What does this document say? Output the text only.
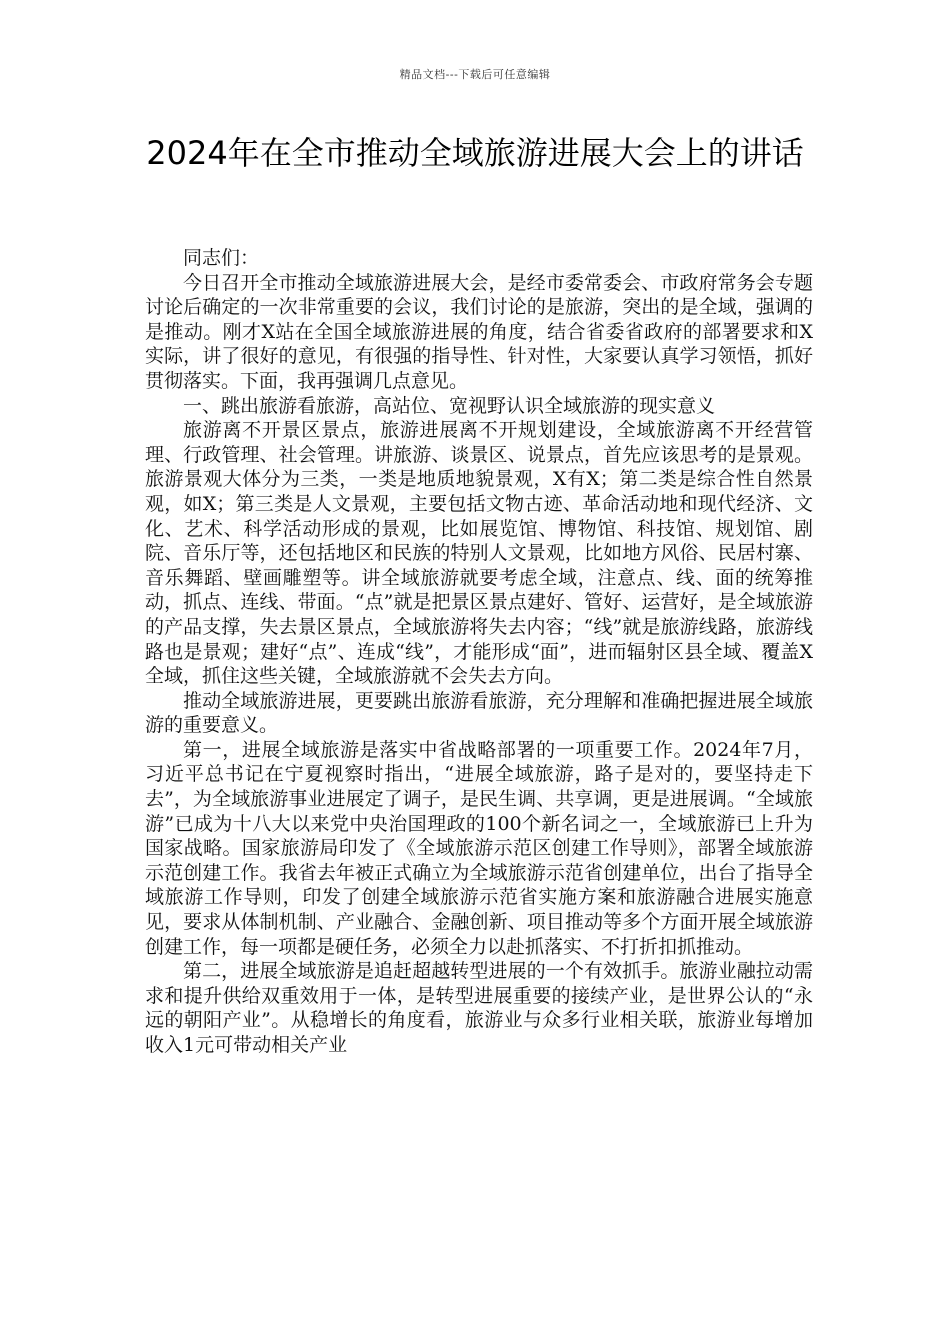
精品文档---下载后可任意编辑
2024年在全市推动全域旅游进展大会上的讲话

同志们：

今日召开全市推动全域旅游进展大会，是经市委常委会、市政府常务会专题讨论后确定的一次非常重要的会议，我们讨论的是旅游，突出的是全域，强调的是推动。刚才X站在全国全域旅游进展的角度，结合省委省政府的部署要求和X实际，讲了很好的意见，有很强的指导性、针对性，大家要认真学习领悟，抓好贯彻落实。下面，我再强调几点意见。

一、跳出旅游看旅游，高站位、宽视野认识全域旅游的现实意义

旅游离不开景区景点，旅游进展离不开规划建设，全域旅游离不开经营管理、行政管理、社会管理。讲旅游、谈景区、说景点，首先应该思考的是景观。旅游景观大体分为三类，一类是地质地貌景观，X有X；第二类是综合性自然景观，如X；第三类是人文景观，主要包括文物古迹、革命活动地和现代经济、文化、艺术、科学活动形成的景观，比如展览馆、博物馆、科技馆、规划馆、剧院、音乐厅等，还包括地区和民族的特别人文景观，比如地方风俗、民居村寨、音乐舞蹈、壁画雕塑等。讲全域旅游就要考虑全域，注意点、线、面的统筹推动，抓点、连线、带面。“点”就是把景区景点建好、管好、运营好，是全域旅游的产品支撑，失去景区景点，全域旅游将失去内容；“线”就是旅游线路，旅游线路也是景观；建好“点”、连成“线”，才能形成“面”，进而辐射区县全域、覆盖X全域，抓住这些关键，全域旅游就不会失去方向。

推动全域旅游进展，更要跳出旅游看旅游，充分理解和准确把握进展全域旅游的重要意义。

第一，进展全域旅游是落实中省战略部署的一项重要工作。2024年7月，习近平总书记在宁夏视察时指出，“进展全域旅游，路子是对的，要坚持走下去”，为全域旅游事业进展定了调子，是民生调、共享调，更是进展调。“全域旅游”已成为十八大以来党中央治国理政的100个新名词之一，全域旅游已上升为国家战略。国家旅游局印发了《全域旅游示范区创建工作导则》，部署全域旅游示范创建工作。我省去年被正式确立为全域旅游示范省创建单位，出台了指导全域旅游工作导则，印发了创建全域旅游示范省实施方案和旅游融合进展实施意见，要求从体制机制、产业融合、金融创新、项目推动等多个方面开展全域旅游创建工作，每一项都是硬任务，必须全力以赴抓落实、不打折扣抓推动。

第二，进展全域旅游是追赶超越转型进展的一个有效抓手。旅游业融拉动需求和提升供给双重效用于一体，是转型进展重要的接续产业，是世界公认的“永远的朝阳产业”。从稳增长的角度看，旅游业与众多行业相关联，旅游业每增加收入1元可带动相关产业
